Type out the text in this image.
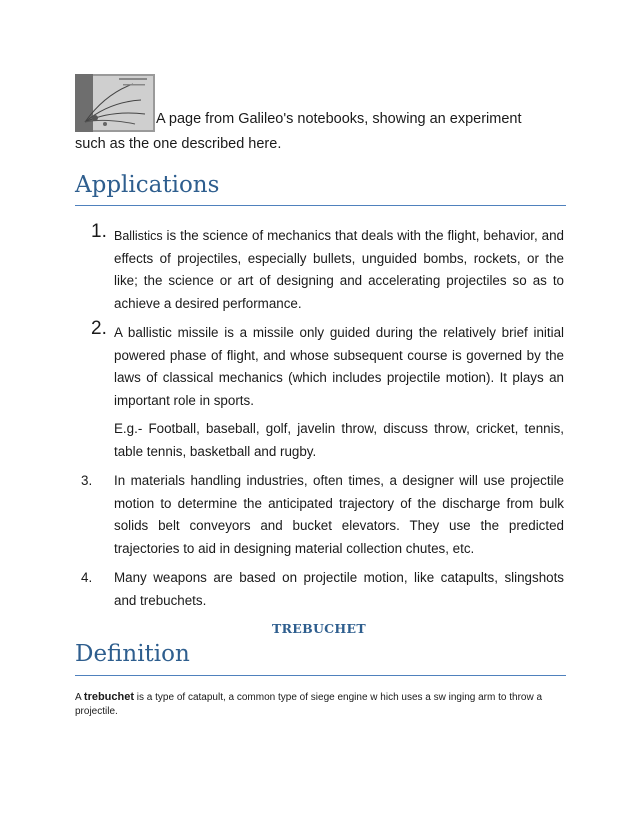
A page from Galileo's notebooks, showing an experiment such as the one described here.
Applications
1. Ballistics is the science of mechanics that deals with the flight, behavior, and effects of projectiles, especially bullets, unguided bombs, rockets, or the like; the science or art of designing and accelerating projectiles so as to achieve a desired performance.
2. A ballistic missile is a missile only guided during the relatively brief initial powered phase of flight, and whose subsequent course is governed by the laws of classical mechanics (which includes projectile motion). It plays an important role in sports.
E.g.- Football, baseball, golf, javelin throw, discuss throw, cricket, tennis, table tennis, basketball and rugby.
3. In materials handling industries, often times, a designer will use projectile motion to determine the anticipated trajectory of the discharge from bulk solids belt conveyors and bucket elevators. They use the predicted trajectories to aid in designing material collection chutes, etc.
4. Many weapons are based on projectile motion, like catapults, slingshots and trebuchets.
TREBUCHET
Definition
A trebuchet is a type of catapult, a common type of siege engine w hich uses a sw inging arm to throw a projectile.
